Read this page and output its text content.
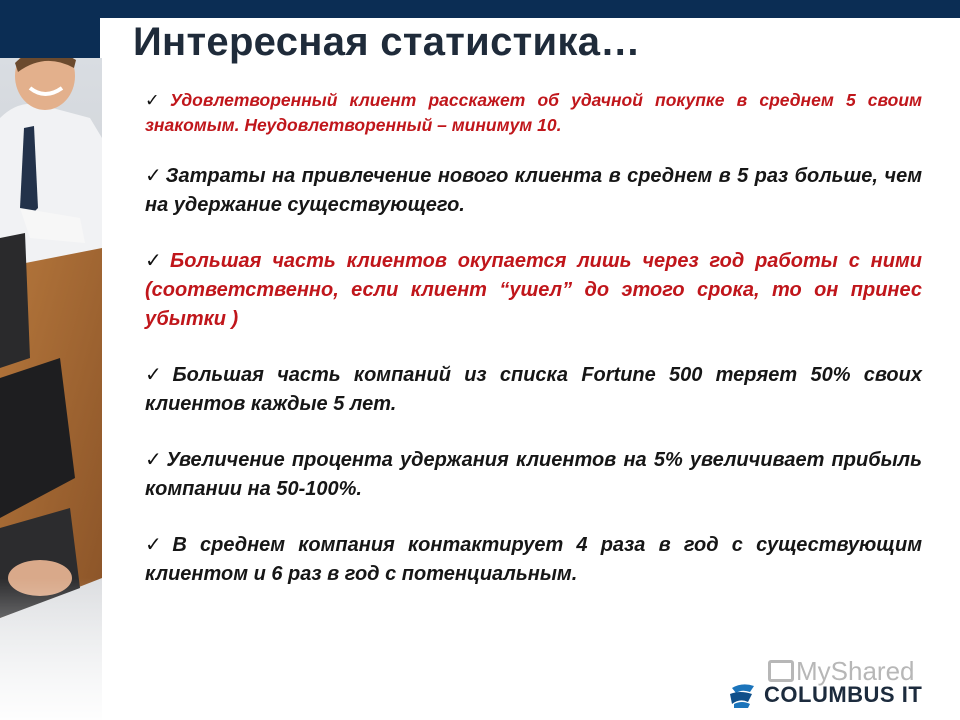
Интересная статистика…
✓ Удовлетворенный клиент расскажет об удачной покупке в среднем 5 своим знакомым. Неудовлетворенный – минимум 10.
✓ Затраты на привлечение нового клиента в среднем в 5 раз больше, чем на удержание существующего.
✓ Большая часть клиентов окупается лишь через год работы с ними (соответственно, если клиент “ушел” до этого срока, то он принес убытки )
✓ Большая часть компаний из списка Fortune 500 теряет 50% своих клиентов каждые 5 лет.
✓ Увеличение процента удержания клиентов на 5% увеличивает прибыль компании на 50-100%.
✓ В среднем компания контактирует 4 раза в год с существующим клиентом и 6 раз в год с потенциальным.
MyShared
COLUMBUS IT
